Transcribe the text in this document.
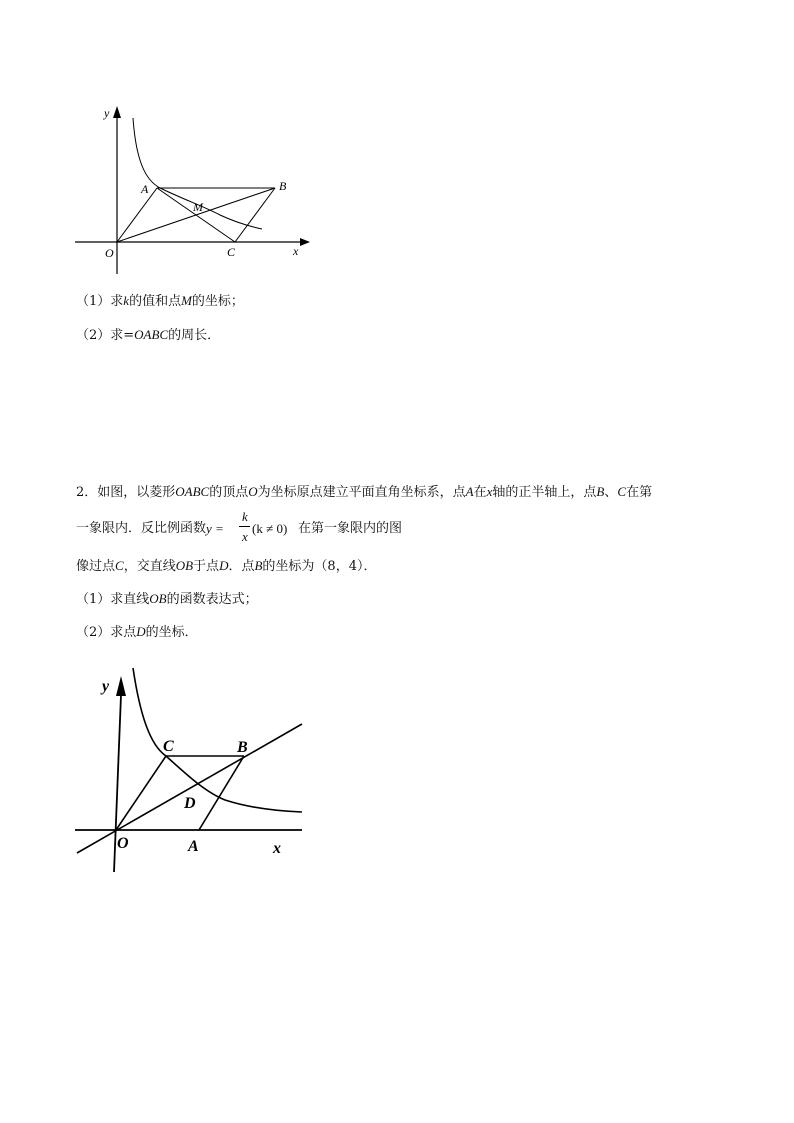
y
x
O
A	B
M
C
（1）求k的值和点M的坐标；
（2）求=OABC的周长．
2．如图，以菱形OABC的顶点O为坐标原点建立平面直角坐标系，点A在x轴的正半轴上，点B、C在第
一象限内．反比例函数 y =
k
x
(k ≠ 0) 在第一象限内的图
像过点C，交直线OB于点D．点B的坐标为（8，4）．
（1）求直线OB的函数表达式；
（2）求点D的坐标．
y
x
O	A
B
C
D
